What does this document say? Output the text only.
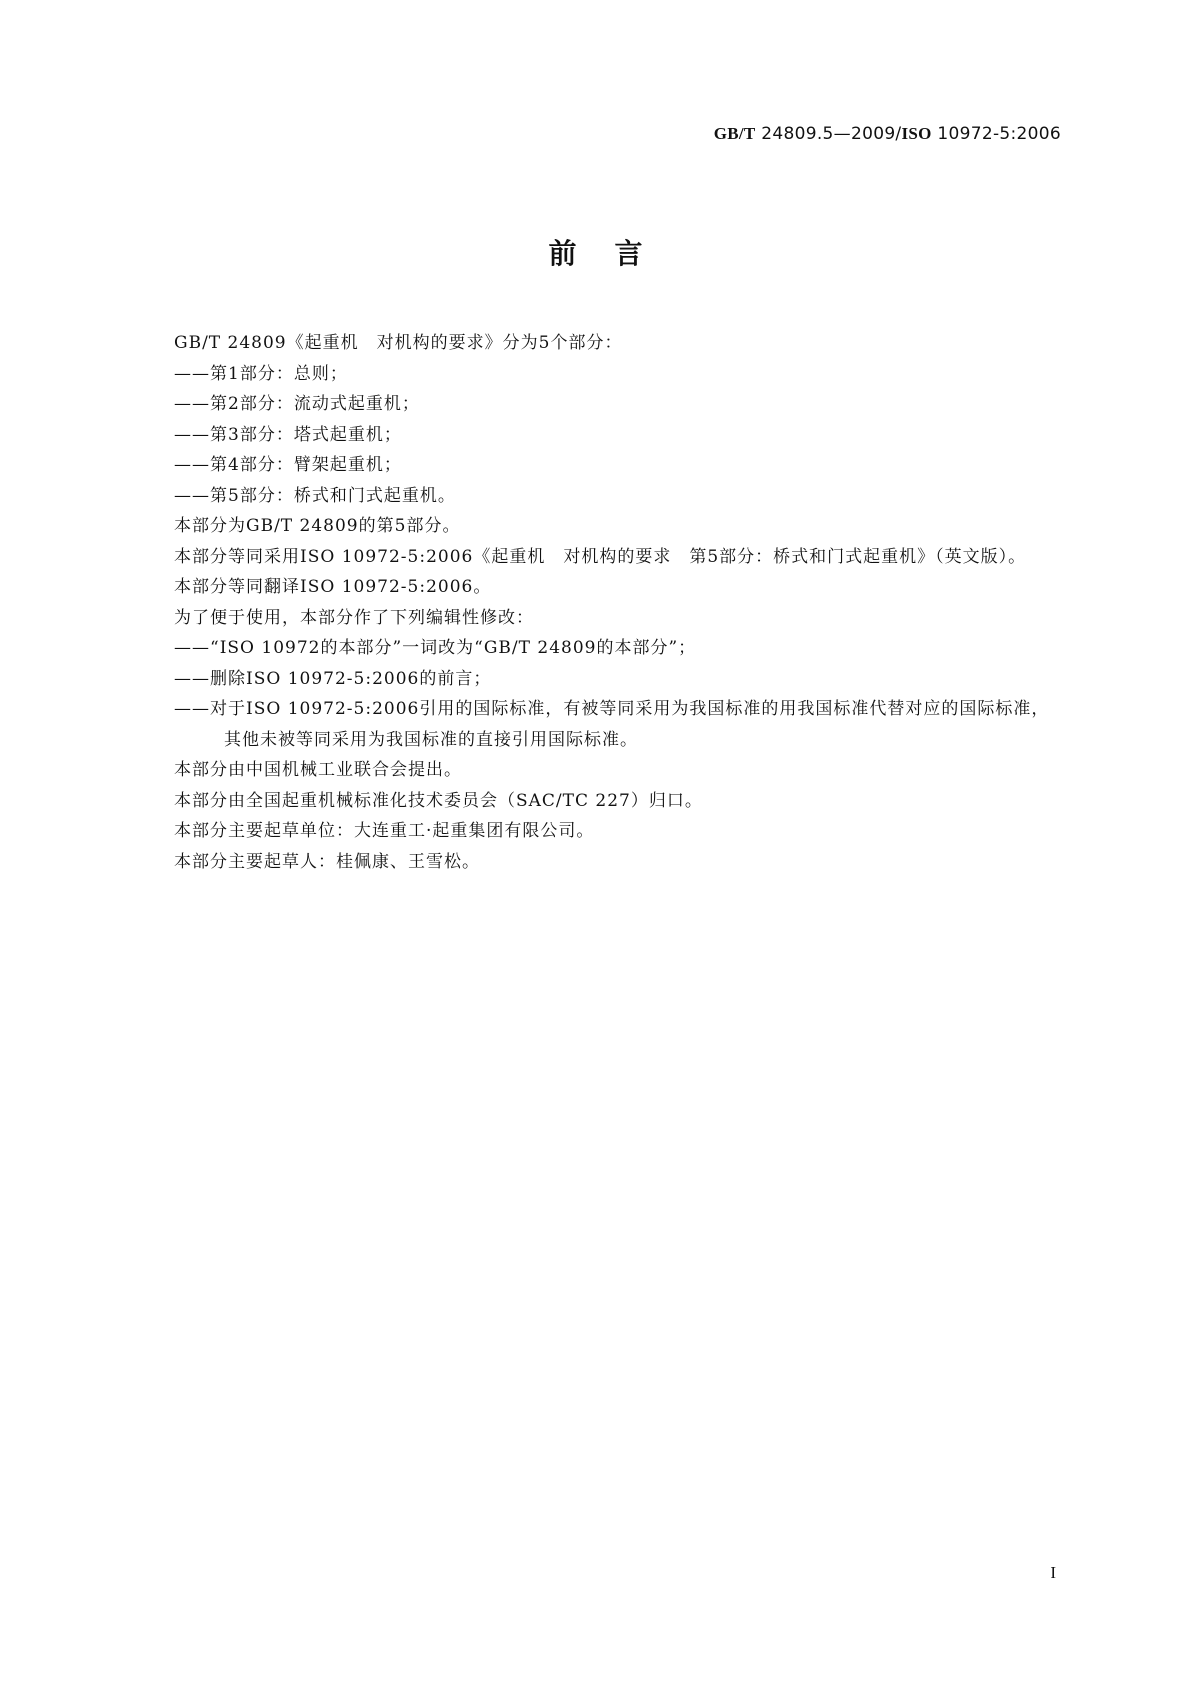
GB/T 24809.5—2009/ISO 10972-5:2006
前言

GB/T 24809《起重机　对机构的要求》分为5个部分：

——第1部分：总则；

——第2部分：流动式起重机；

——第3部分：塔式起重机；

——第4部分：臂架起重机；

——第5部分：桥式和门式起重机。

本部分为GB/T 24809的第5部分。

本部分等同采用ISO 10972-5:2006《起重机　对机构的要求　第5部分：桥式和门式起重机》（英文版）。

本部分等同翻译ISO 10972-5:2006。

为了便于使用，本部分作了下列编辑性修改：

——“ISO 10972的本部分”一词改为“GB/T 24809的本部分”；

——删除ISO 10972-5:2006的前言；

——对于ISO 10972-5:2006引用的国际标准，有被等同采用为我国标准的用我国标准代替对应的国际标准，其他未被等同采用为我国标准的直接引用国际标准。

本部分由中国机械工业联合会提出。

本部分由全国起重机械标准化技术委员会（SAC/TC 227）归口。

本部分主要起草单位：大连重工·起重集团有限公司。

本部分主要起草人：桂佩康、王雪松。

I
